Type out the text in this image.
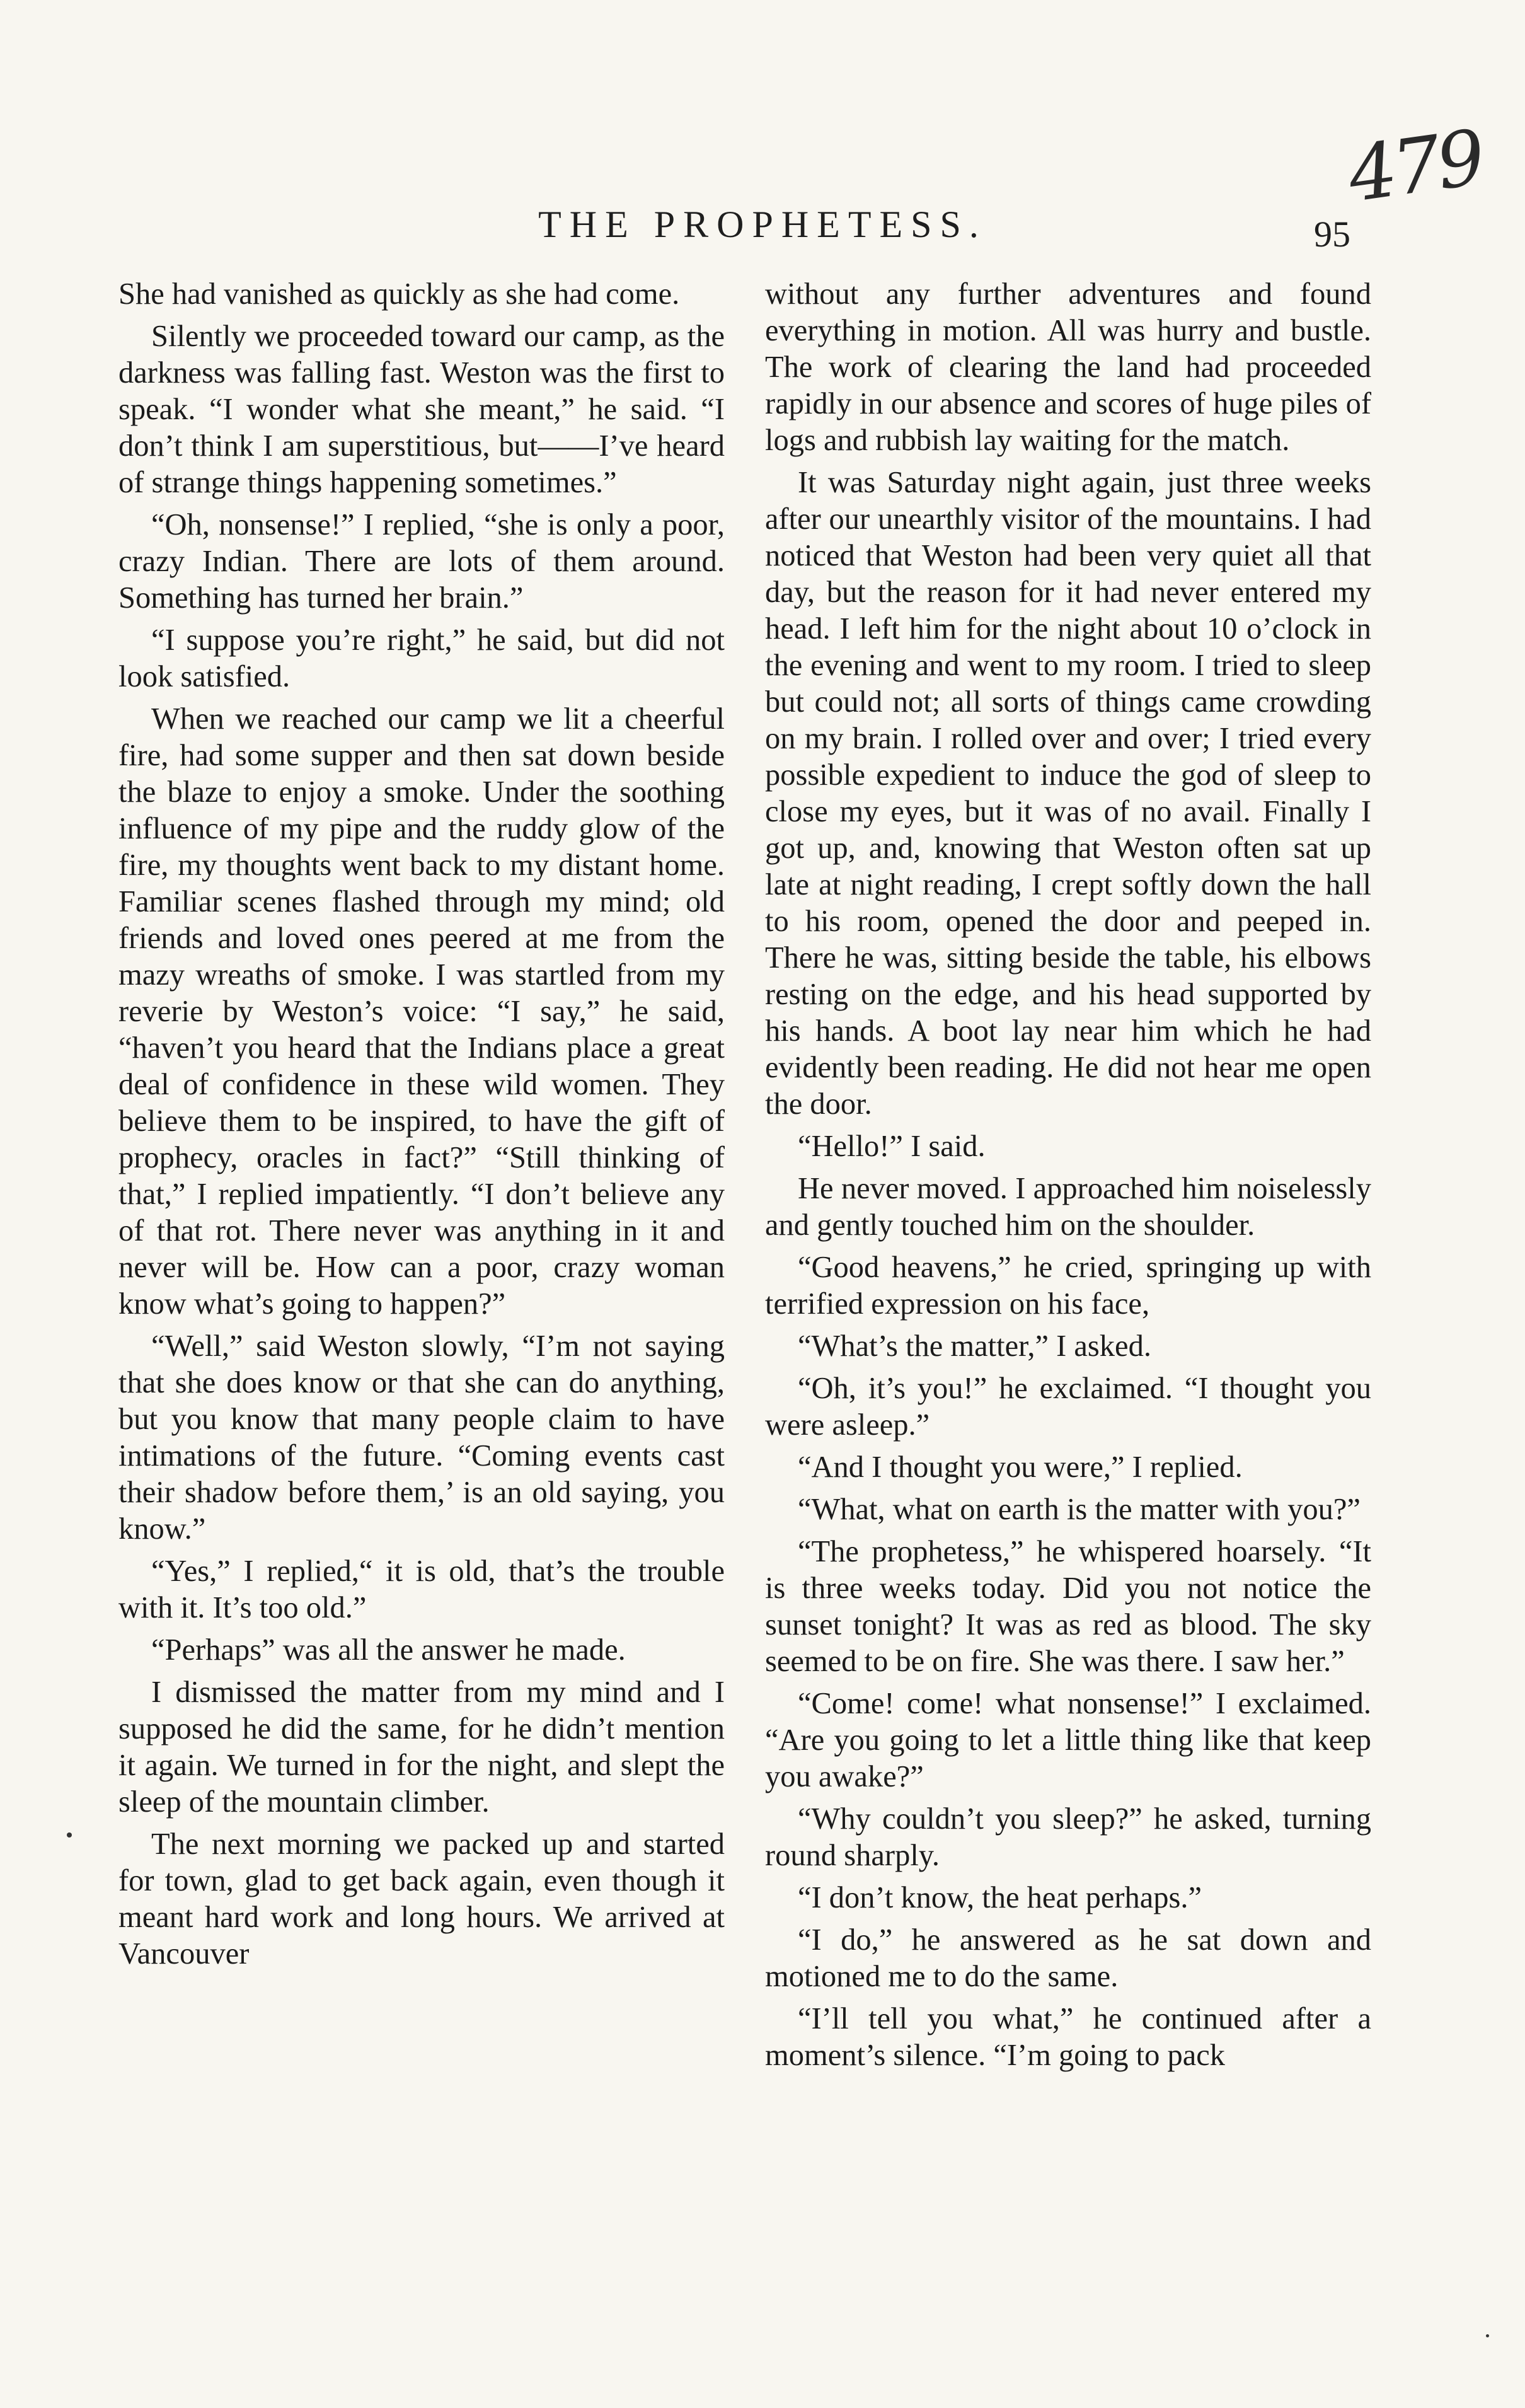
479
THE PROPHETESS.	95

She had vanished as quickly as she had come.

Silently we proceeded toward our camp, as the darkness was falling fast. Weston was the first to speak. “I wonder what she meant,” he said. “I don’t think I am superstitious, but——I’ve heard of strange things happening sometimes.”

“Oh, nonsense!” I replied, “she is only a poor, crazy Indian. There are lots of them around. Something has turned her brain.”

“I suppose you’re right,” he said, but did not look satisfied.

When we reached our camp we lit a cheerful fire, had some supper and then sat down beside the blaze to enjoy a smoke. Under the soothing influence of my pipe and the ruddy glow of the fire, my thoughts went back to my distant home. Familiar scenes flashed through my mind; old friends and loved ones peered at me from the mazy wreaths of smoke. I was startled from my reverie by Weston’s voice: “I say,” he said, “haven’t you heard that the Indians place a great deal of confidence in these wild women. They believe them to be inspired, to have the gift of prophecy, oracles in fact?” “Still thinking of that,” I replied impatiently. “I don’t believe any of that rot. There never was anything in it and never will be. How can a poor, crazy woman know what’s going to happen?”

“Well,” said Weston slowly, “I’m not saying that she does know or that she can do anything, but you know that many people claim to have intimations of the future. “Coming events cast their shadow before them,’ is an old saying, you know.”

“Yes,” I replied,“ it is old, that’s the trouble with it. It’s too old.”

“Perhaps” was all the answer he made.

I dismissed the matter from my mind and I supposed he did the same, for he didn’t mention it again. We turned in for the night, and slept the sleep of the mountain climber.

The next morning we packed up and started for town, glad to get back again, even though it meant hard work and long hours. We arrived at Vancouver

without any further adventures and found everything in motion. All was hurry and bustle. The work of clearing the land had proceeded rapidly in our absence and scores of huge piles of logs and rubbish lay waiting for the match.

It was Saturday night again, just three weeks after our unearthly visitor of the mountains. I had noticed that Weston had been very quiet all that day, but the reason for it had never entered my head. I left him for the night about 10 o’clock in the evening and went to my room. I tried to sleep but could not; all sorts of things came crowding on my brain. I rolled over and over; I tried every possible expedient to induce the god of sleep to close my eyes, but it was of no avail. Finally I got up, and, knowing that Weston often sat up late at night reading, I crept softly down the hall to his room, opened the door and peeped in. There he was, sitting beside the table, his elbows resting on the edge, and his head supported by his hands. A boot lay near him which he had evidently been reading. He did not hear me open the door.

“Hello!” I said.

He never moved. I approached him noiselessly and gently touched him on the shoulder.

“Good heavens,” he cried, springing up with terrified expression on his face,

“What’s the matter,” I asked.

“Oh, it’s you!” he exclaimed. “I thought you were asleep.”

“And I thought you were,” I replied.

“What, what on earth is the matter with you?”

“The prophetess,” he whispered hoarsely. “It is three weeks today. Did you not notice the sunset tonight? It was as red as blood. The sky seemed to be on fire. She was there. I saw her.”

“Come! come! what nonsense!” I exclaimed. “Are you going to let a little thing like that keep you awake?”

“Why couldn’t you sleep?” he asked, turning round sharply.

“I don’t know, the heat perhaps.”

“I do,” he answered as he sat down and motioned me to do the same.

“I’ll tell you what,” he continued after a moment’s silence. “I’m going to pack
